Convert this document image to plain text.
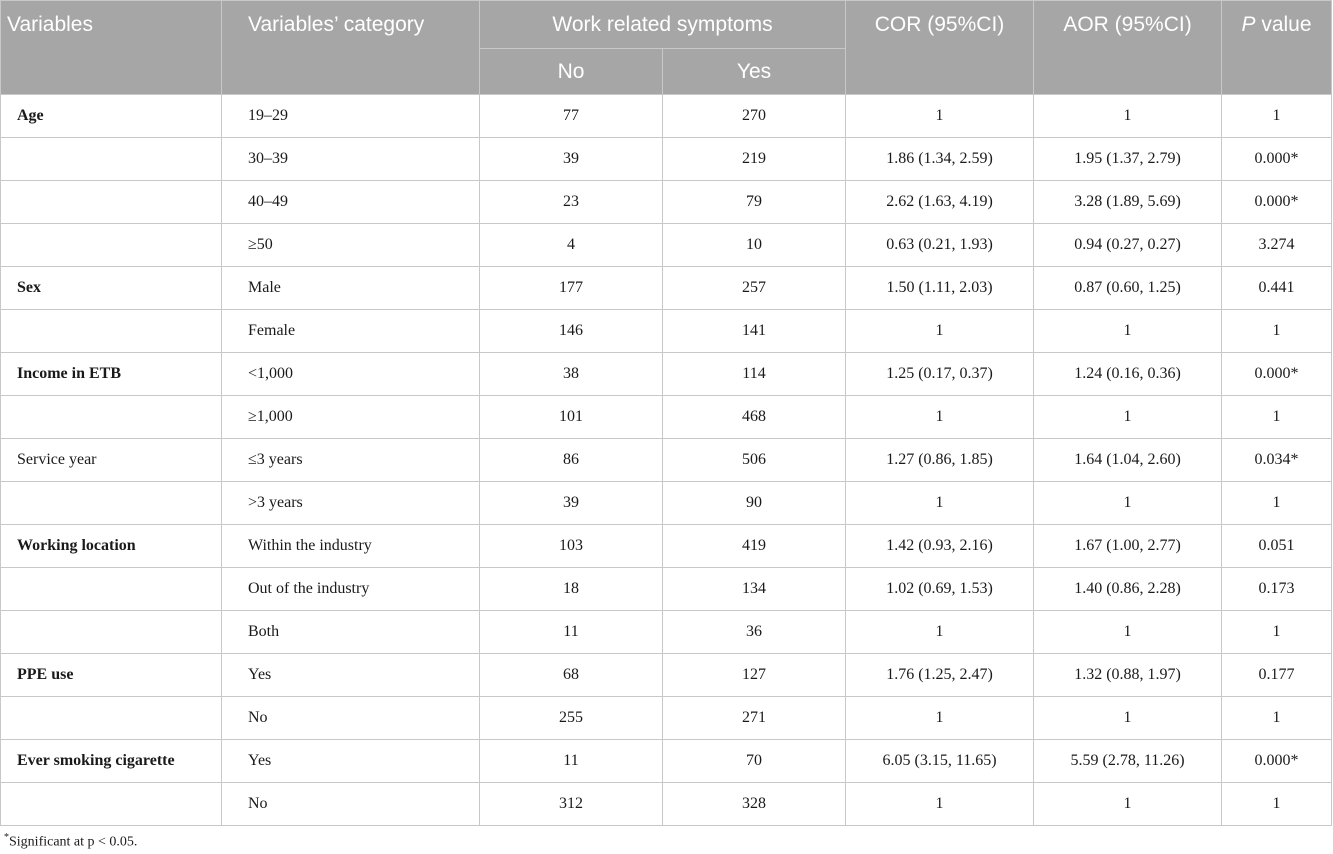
Variables	Variables’ category	Work related symptoms		COR (95%CI)	AOR (95%CI)	P value

		No	Yes			
Age	19–29	77	270	1	1	1
	30–39	39	219	1.86 (1.34, 2.59)	1.95 (1.37, 2.79)	0.000*
	40–49	23	79	2.62 (1.63, 4.19)	3.28 (1.89, 5.69)	0.000*
	≥50	4	10	0.63 (0.21, 1.93)	0.94 (0.27, 0.27)	3.274
Sex	Male	177	257	1.50 (1.11, 2.03)	0.87 (0.60, 1.25)	0.441
	Female	146	141	1	1	1
Income in ETB	<1,000	38	114	1.25 (0.17, 0.37)	1.24 (0.16, 0.36)	0.000*
	≥1,000	101	468	1	1	1
Service year	≤3 years	86	506	1.27 (0.86, 1.85)	1.64 (1.04, 2.60)	0.034*
	>3 years	39	90	1	1	1
Working location	Within the industry	103	419	1.42 (0.93, 2.16)	1.67 (1.00, 2.77)	0.051
	Out of the industry	18	134	1.02 (0.69, 1.53)	1.40 (0.86, 2.28)	0.173
	Both	11	36	1	1	1
PPE use	Yes	68	127	1.76 (1.25, 2.47)	1.32 (0.88, 1.97)	0.177
	No	255	271	1	1	1
Ever smoking cigarette	Yes	11	70	6.05 (3.15, 11.65)	5.59 (2.78, 11.26)	0.000*
	No	312	328	1	1	1
*Significant at p < 0.05.
